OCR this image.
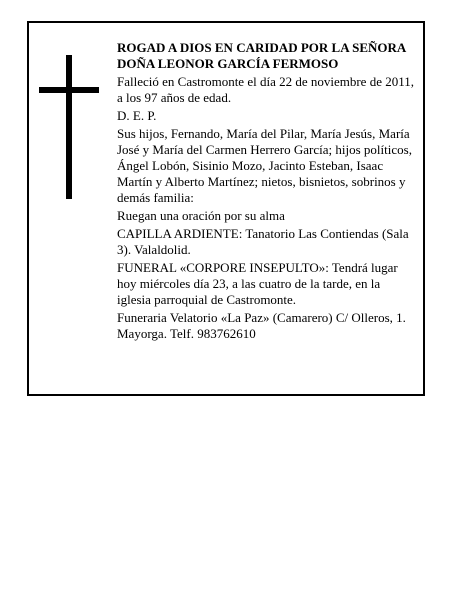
ROGAD A DIOS EN CARIDAD POR LA SEÑORA DOÑA LEONOR GARCÍA FERMOSO

Falleció en Castromonte el día 22 de noviembre de 2011, a los 97 años de edad.

D. E. P.

Sus hijos, Fernando, María del Pilar, María Jesús, María José y María del Carmen Herrero García; hijos políticos, Ángel Lobón, Sisinio Mozo, Jacinto Esteban, Isaac Martín y Alberto Martínez; nietos, bisnietos, sobrinos y demás familia:

Ruegan una oración por su alma

CAPILLA ARDIENTE: Tanatorio Las Contiendas (Sala 3). Valaldolid.

FUNERAL «CORPORE INSEPULTO»: Tendrá lugar hoy miércoles día 23, a las cuatro de la tarde, en la iglesia parroquial de Castromonte.

Funeraria Velatorio «La Paz» (Camarero) C/ Olleros, 1. Mayorga. Telf. 983762610
